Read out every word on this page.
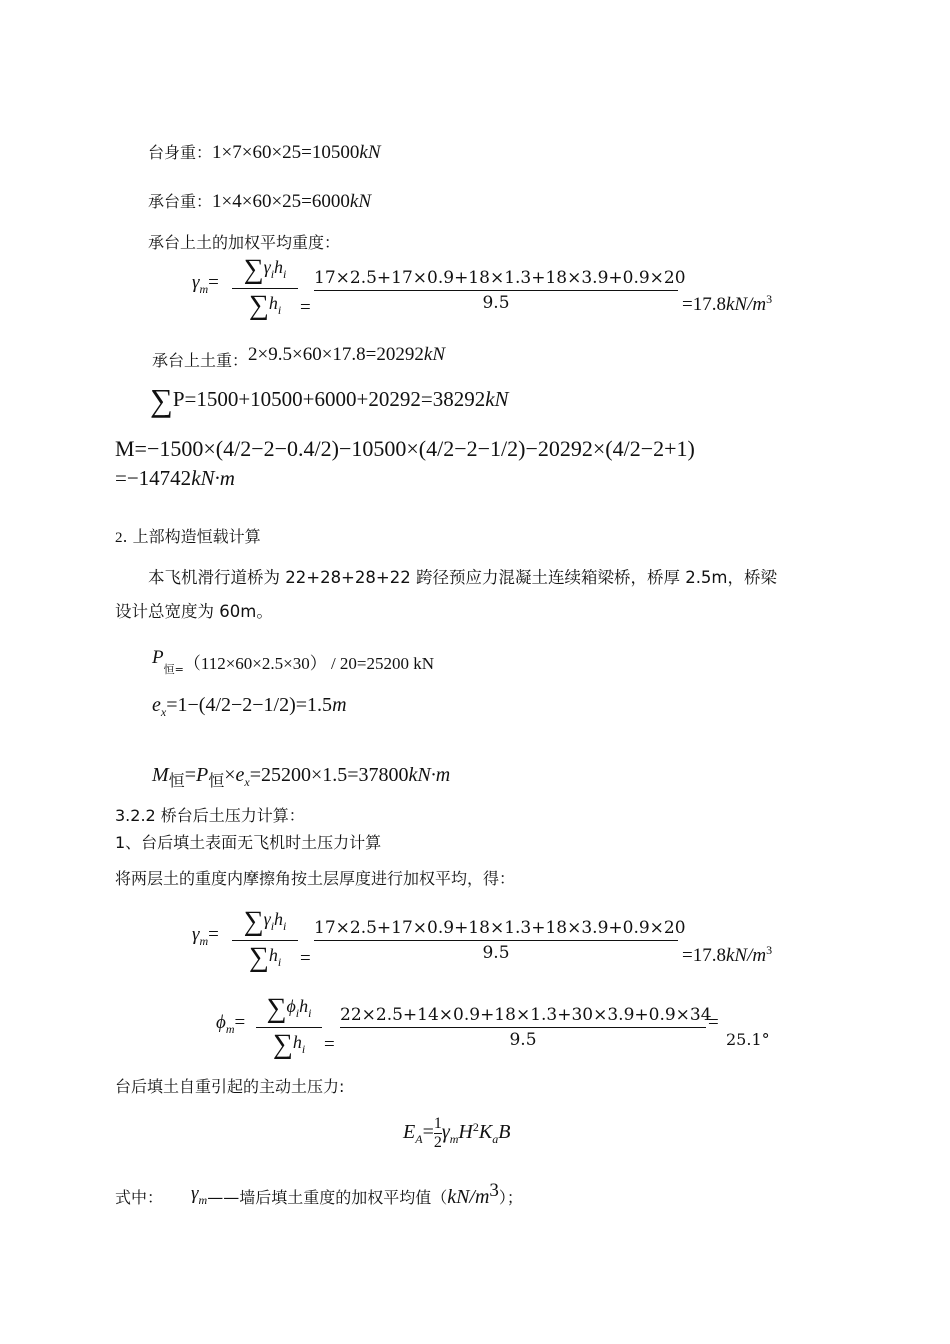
台身重：1×7×60×25=10500kN
承台重：1×4×60×25=6000kN
承台上土的加权平均重度：
$\gamma_m= \sum\gamma_ih_i$
$\sum h_i = \frac{17\times 2.5+17\times 0.9+18\times 1.3+18\times 3.9+0.9\times 20}{9.5} =17.8kN/m^3$
承台上土重：2×9.5×60×17.8=20292kN
∑P=1500+10500+6000+20292=38292kN
M=−1500×(4/2−2−0.4/2)−10500×(4/2−2−1/2)−20292×(4/2−2+1)
=−14742kN·m
2. 上部构造恒载计算
本飞机滑行道桥为 22+28+28+22 跨径预应力混凝土连续箱梁桥，桥厚 2.5m，桥梁
设计总宽度为 60m。
$P_{恒=}(112\times 60\times 2.5\times 30) / 20=25200$ kN
$e_x=1-(4/2-2-1/2)=1.5m$
$M_恒=P_恒\times e_x=25200\times 1.5=37800kN\cdot m$
3.2.2 桥台后土压力计算：
1、台后填土表面无飞机时土压力计算
将两层土的重度内摩擦角按土层厚度进行加权平均，得：
$\gamma_m= \sum\gamma_ih_i$
$\sum h_i = \frac{17\times 2.5+17\times 0.9+18\times 1.3+18\times 3.9+0.9\times 20}{9.5} =17.8kN/m^3$
$\phi_m= \sum\phi_ih_i$
$\sum h_i = \frac{22\times 2.5+14\times 0.9+18\times 1.3+30\times 3.9+0.9\times 34}{9.5}$ =
25.1°
台后填土自重引起的主动土压力:
$E_A= \frac{1}{2} \gamma_mH^2K_aB$
式中： $\gamma_m——$墙后填土重度的加权平均值$(kN/m^3)$；
